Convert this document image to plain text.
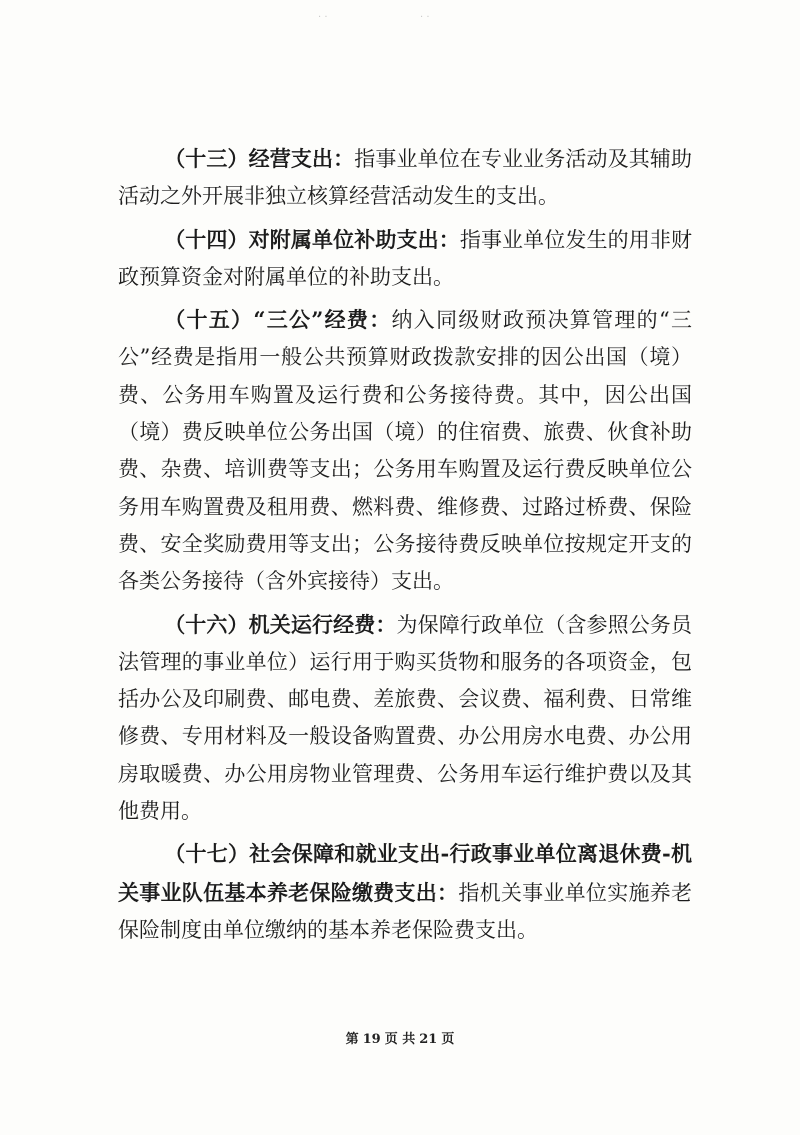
· ·	· ·

（十三）经营支出：指事业单位在专业业务活动及其辅助活动之外开展非独立核算经营活动发生的支出。

（十四）对附属单位补助支出：指事业单位发生的用非财政预算资金对附属单位的补助支出。

（十五）“三公”经费：纳入同级财政预决算管理的“三公”经费是指用一般公共预算财政拨款安排的因公出国（境）费、公务用车购置及运行费和公务接待费。其中，因公出国（境）费反映单位公务出国（境）的住宿费、旅费、伙食补助费、杂费、培训费等支出；公务用车购置及运行费反映单位公务用车购置费及租用费、燃料费、维修费、过路过桥费、保险费、安全奖励费用等支出；公务接待费反映单位按规定开支的各类公务接待（含外宾接待）支出。

（十六）机关运行经费：为保障行政单位（含参照公务员法管理的事业单位）运行用于购买货物和服务的各项资金，包括办公及印刷费、邮电费、差旅费、会议费、福利费、日常维修费、专用材料及一般设备购置费、办公用房水电费、办公用房取暖费、办公用房物业管理费、公务用车运行维护费以及其他费用。

（十七）社会保障和就业支出-行政事业单位离退休费-机关事业队伍基本养老保险缴费支出：指机关事业单位实施养老保险制度由单位缴纳的基本养老保险费支出。

第 19 页 共 21 页
